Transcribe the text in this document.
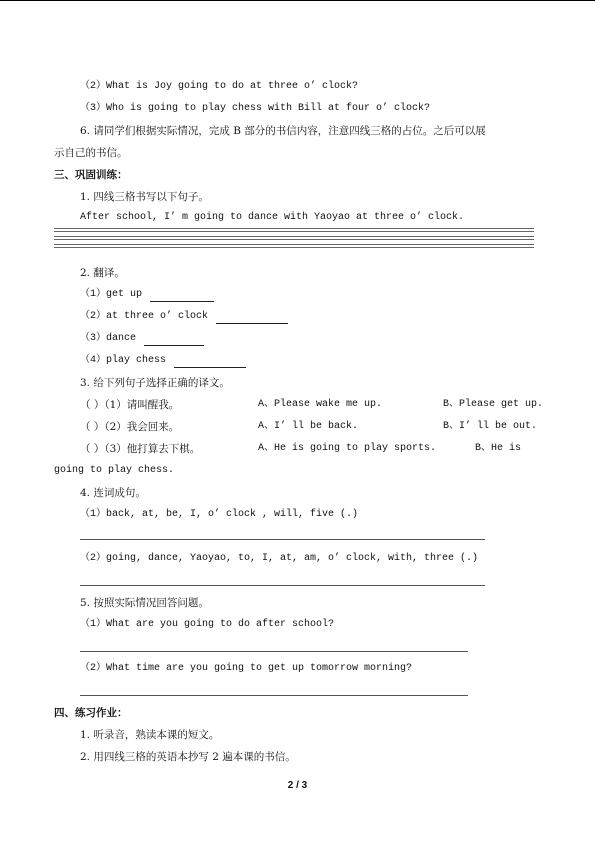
（2）What is Joy going to do at three o’ clock?
（3）Who is going to play chess with Bill at four o’ clock?
6. 请同学们根据实际情况，完成 B 部分的书信内容，注意四线三格的占位。之后可以展
示自己的书信。
三、巩固训练：
1. 四线三格书写以下句子。
After school, I’ m going to dance with Yaoyao at three o’ clock.
2. 翻译。
（1）get up
（2）at three o’ clock
（3）dance
（4）play chess
3. 给下列句子选择正确的译文。
（ ）（1）请叫醒我。	A、Please wake me up.	B、Please get up.
（ ）（2）我会回来。	A、I’ ll be back.	B、I’ ll be out.
（ ）（3）他打算去下棋。	A、He is going to play sports.	B、He is
going to play chess.
4. 连词成句。
（1）back, at, be, I, o’ clock , will, five (.)
（2）going, dance, Yaoyao, to, I, at, am, o’ clock, with, three (.)
5. 按照实际情况回答问题。
（1）What are you going to do after school?
（2）What time are you going to get up tomorrow morning?
四、练习作业：
1. 听录音，熟读本课的短文。
2. 用四线三格的英语本抄写 2 遍本课的书信。
2 / 3
